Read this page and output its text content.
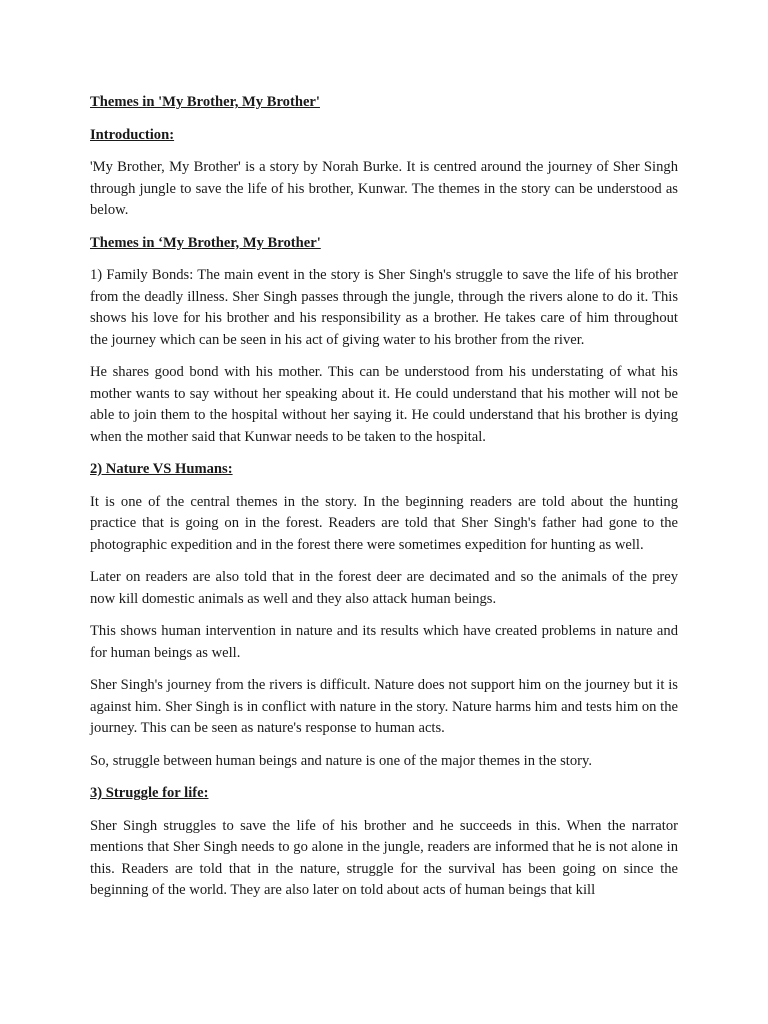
Themes in 'My Brother, My Brother'

Introduction:

'My Brother, My Brother' is a story by Norah Burke. It is centred around the journey of Sher Singh through jungle to save the life of his brother, Kunwar. The themes in the story can be understood as below.

Themes in ‘My Brother, My Brother'

1) Family Bonds: The main event in the story is Sher Singh's struggle to save the life of his brother from the deadly illness. Sher Singh passes through the jungle, through the rivers alone to do it. This shows his love for his brother and his responsibility as a brother. He takes care of him throughout the journey which can be seen in his act of giving water to his brother from the river.

He shares good bond with his mother. This can be understood from his understating of what his mother wants to say without her speaking about it. He could understand that his mother will not be able to join them to the hospital without her saying it. He could understand that his brother is dying when the mother said that Kunwar needs to be taken to the hospital.

2) Nature VS Humans:

It is one of the central themes in the story. In the beginning readers are told about the hunting practice that is going on in the forest. Readers are told that Sher Singh's father had gone to the photographic expedition and in the forest there were sometimes expedition for hunting as well.

Later on readers are also told that in the forest deer are decimated and so the animals of the prey now kill domestic animals as well and they also attack human beings.

This shows human intervention in nature and its results which have created problems in nature and for human beings as well.

Sher Singh's journey from the rivers is difficult. Nature does not support him on the journey but it is against him. Sher Singh is in conflict with nature in the story. Nature harms him and tests him on the journey. This can be seen as nature's response to human acts.

So, struggle between human beings and nature is one of the major themes in the story.

3) Struggle for life:

Sher Singh struggles to save the life of his brother and he succeeds in this. When the narrator mentions that Sher Singh needs to go alone in the jungle, readers are informed that he is not alone in this. Readers are told that in the nature, struggle for the survival has been going on since the beginning of the world. They are also later on told about acts of human beings that kill
